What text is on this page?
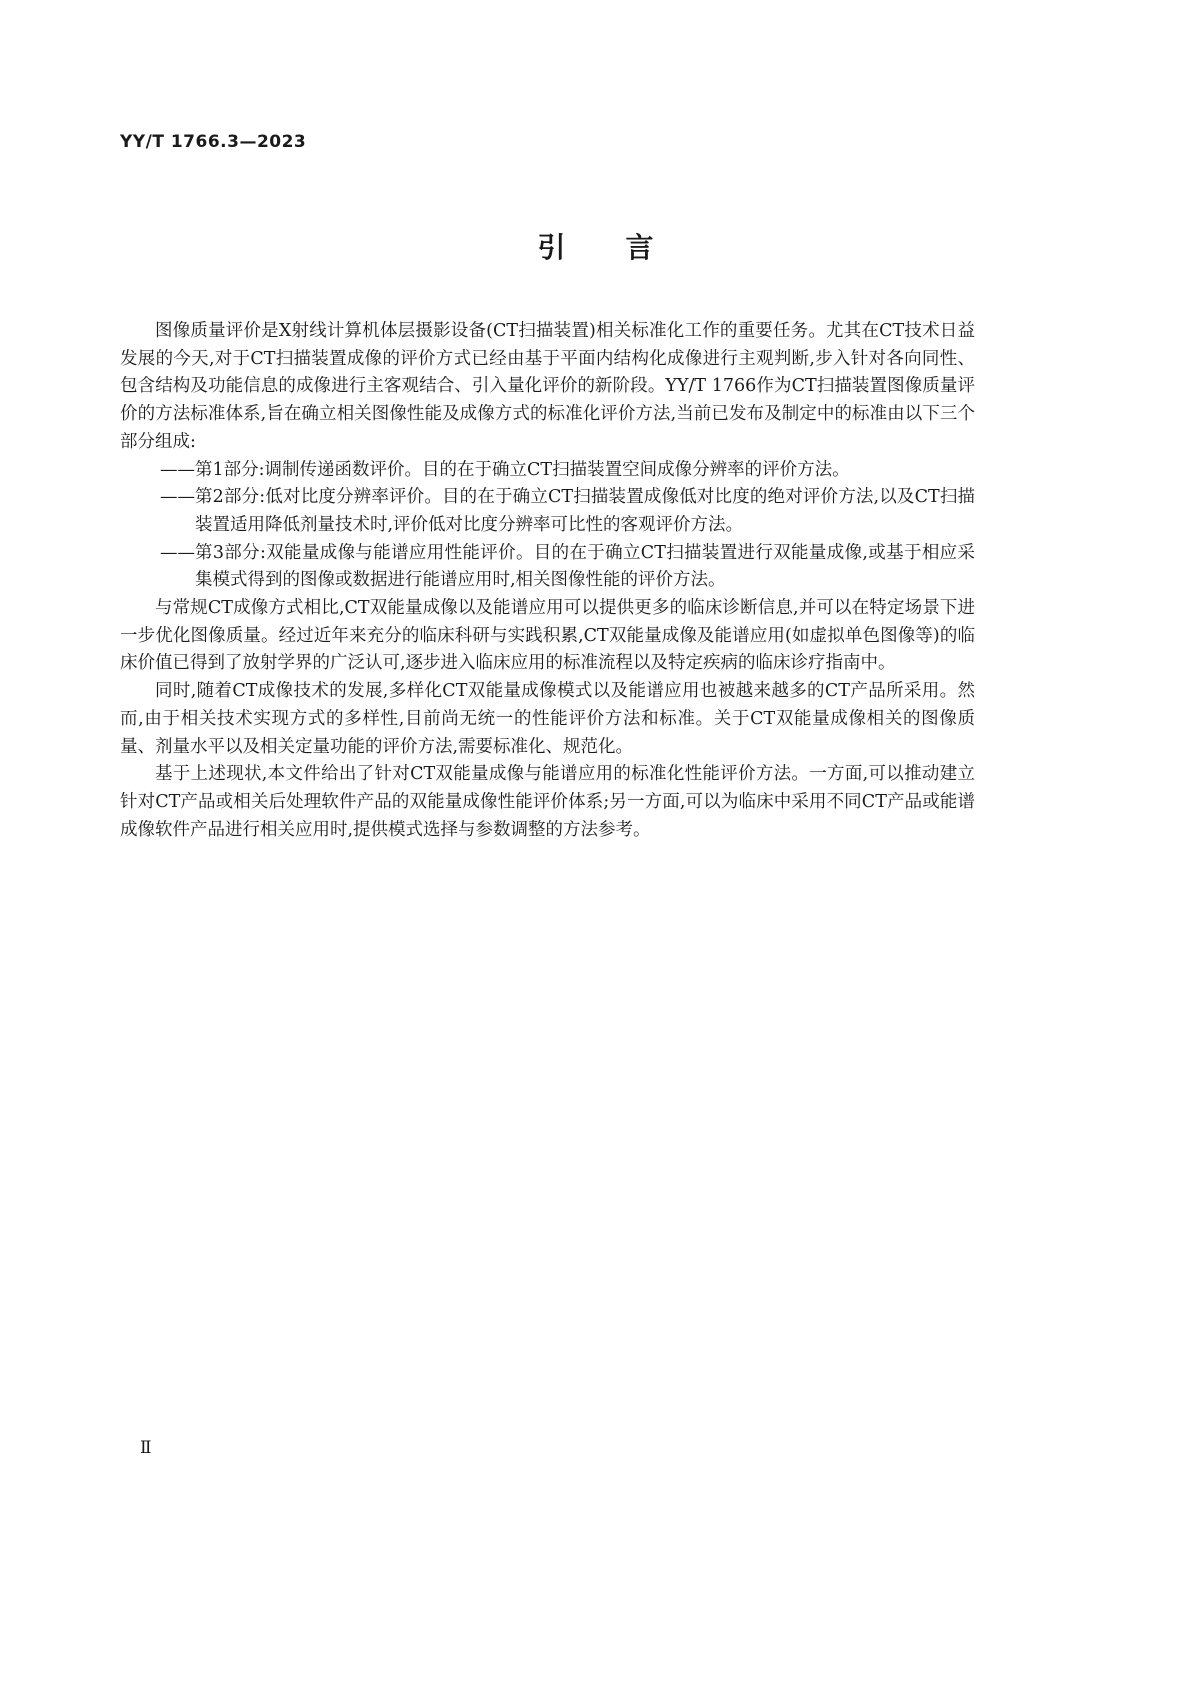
YY/T 1766.3—2023
引言

图像质量评价是X射线计算机体层摄影设备(CT扫描装置)相关标准化工作的重要任务。尤其在CT技术日益发展的今天,对于CT扫描装置成像的评价方式已经由基于平面内结构化成像进行主观判断,步入针对各向同性、包含结构及功能信息的成像进行主客观结合、引入量化评价的新阶段。YY/T 1766作为CT扫描装置图像质量评价的方法标准体系,旨在确立相关图像性能及成像方式的标准化评价方法,当前已发布及制定中的标准由以下三个部分组成:

—— 第1部分:调制传递函数评价。目的在于确立CT扫描装置空间成像分辨率的评价方法。
—— 第2部分:低对比度分辨率评价。目的在于确立CT扫描装置成像低对比度的绝对评价方法,以及CT扫描装置适用降低剂量技术时,评价低对比度分辨率可比性的客观评价方法。
—— 第3部分:双能量成像与能谱应用性能评价。目的在于确立CT扫描装置进行双能量成像,或基于相应采集模式得到的图像或数据进行能谱应用时,相关图像性能的评价方法。

与常规CT成像方式相比,CT双能量成像以及能谱应用可以提供更多的临床诊断信息,并可以在特定场景下进一步优化图像质量。经过近年来充分的临床科研与实践积累,CT双能量成像及能谱应用(如虚拟单色图像等)的临床价值已得到了放射学界的广泛认可,逐步进入临床应用的标准流程以及特定疾病的临床诊疗指南中。

同时,随着CT成像技术的发展,多样化CT双能量成像模式以及能谱应用也被越来越多的CT产品所采用。然而,由于相关技术实现方式的多样性,目前尚无统一的性能评价方法和标准。关于CT双能量成像相关的图像质量、剂量水平以及相关定量功能的评价方法,需要标准化、规范化。

基于上述现状,本文件给出了针对CT双能量成像与能谱应用的标准化性能评价方法。一方面,可以推动建立针对CT产品或相关后处理软件产品的双能量成像性能评价体系;另一方面,可以为临床中采用不同CT产品或能谱成像软件产品进行相关应用时,提供模式选择与参数调整的方法参考。

Ⅱ
